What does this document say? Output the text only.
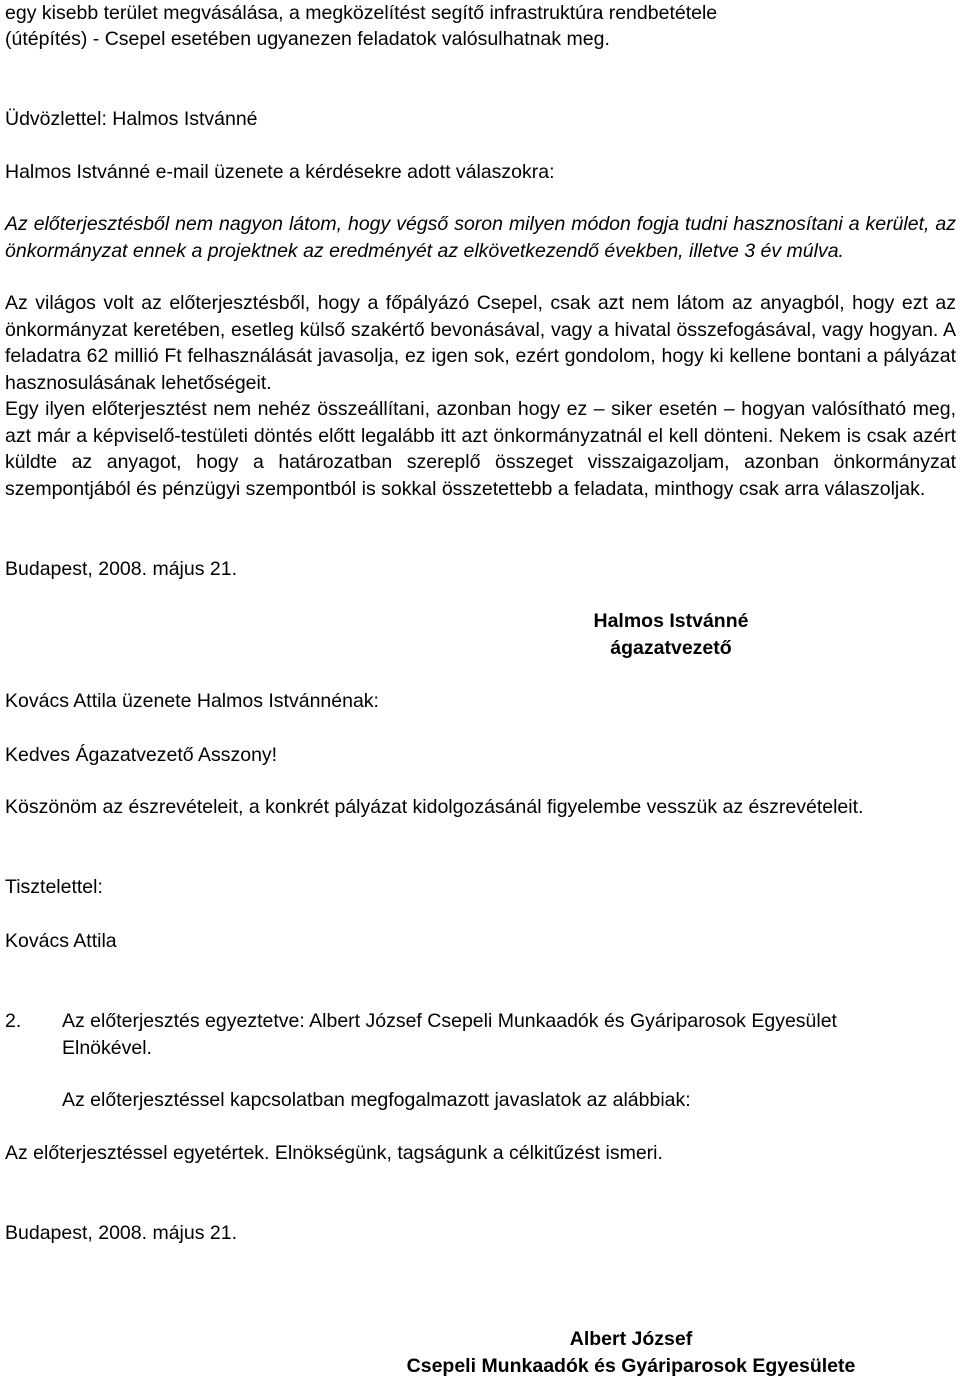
egy kisebb terület megvásálása, a megközelítést segítő infrastruktúra rendbetétele

(útépítés) - Csepel esetében ugyanezen feladatok valósulhatnak meg.

Üdvözlettel: Halmos Istvánné

Halmos Istvánné e-mail üzenete a kérdésekre adott válaszokra:

Az előterjesztésből nem nagyon látom, hogy végső soron milyen módon fogja tudni hasznosítani a kerület, az önkormányzat ennek a projektnek az eredményét az elkövetkezendő években, illetve 3 év múlva.

Az világos volt az előterjesztésből, hogy a főpályázó Csepel, csak azt nem látom az anyagból, hogy ezt az önkormányzat keretében, esetleg külső szakértő bevonásával, vagy a hivatal összefogásával, vagy hogyan. A feladatra 62 millió Ft felhasználását javasolja, ez igen sok, ezért gondolom, hogy ki kellene bontani a pályázat hasznosulásának lehetőségeit.

Egy ilyen előterjesztést nem nehéz összeállítani, azonban hogy ez – siker esetén – hogyan valósítható meg, azt már a képviselő-testületi döntés előtt legalább itt azt önkormányzatnál el kell dönteni. Nekem is csak azért küldte az anyagot, hogy a határozatban szereplő összeget visszaigazoljam, azonban önkormányzat szempontjából és pénzügyi szempontból is sokkal összetettebb a feladata, minthogy csak arra válaszoljak.

Budapest, 2008. május 21.

Halmos Istvánné
ágazatvezető

Kovács Attila üzenete Halmos Istvánnénak:

Kedves Ágazatvezető Asszony!

Köszönöm az észrevételeit, a konkrét pályázat kidolgozásánál figyelembe vesszük az észrevételeit.

Tisztelettel:

Kovács Attila

2.	Az előterjesztés egyeztetve: Albert József Csepeli Munkaadók és Gyáriparosok Egyesület Elnökével.

Az előterjesztéssel kapcsolatban megfogalmazott javaslatok az alábbiak:

Az előterjesztéssel egyetértek. Elnökségünk, tagságunk a célkitűzést ismeri.

Budapest, 2008. május 21.

Albert József
Csepeli Munkaadók és Gyáriparosok Egyesülete
